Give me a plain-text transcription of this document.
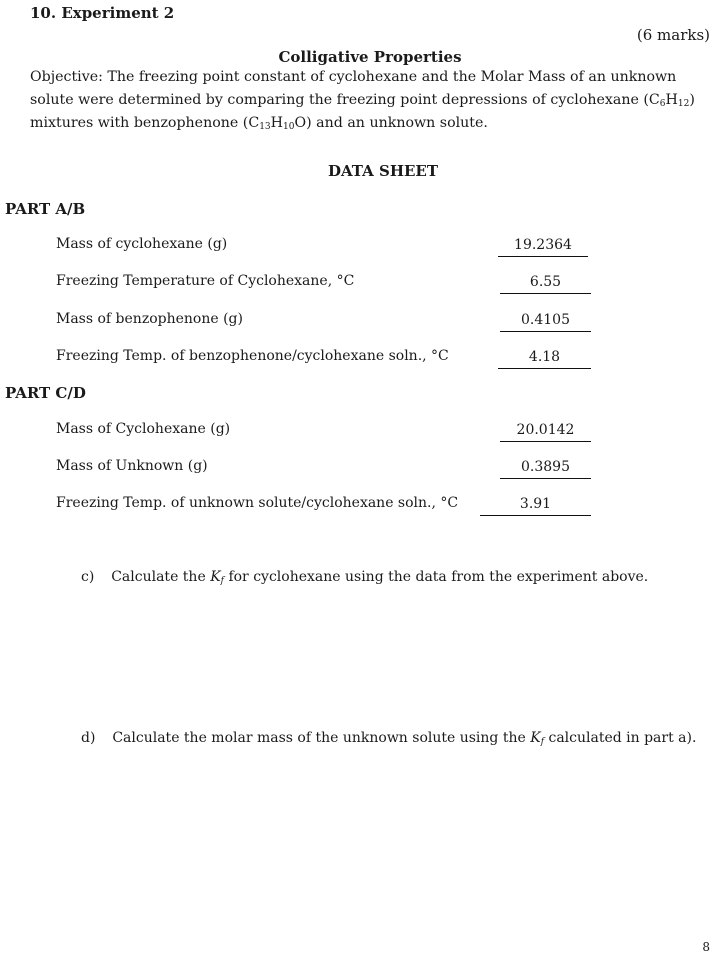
10. Experiment 2
(6 marks)
Colligative Properties

Objective: The freezing point constant of cyclohexane and the Molar Mass of an unknown

solute were determined by comparing the freezing point depressions of cyclohexane $(C_6H_{12})$

mixtures with benzophenone $(C_{13}H_{10}O)$ and an unknown solute.

DATA SHEET
PART A/B
Mass of cyclohexane (g)	19.2364
Freezing Temperature of Cyclohexane, °C	6.55
Mass of benzophenone (g)	0.4105
Freezing Temp. of benzophenone/cyclohexane soln., °C	4.18
PART C/D
Mass of Cyclohexane (g)	20.0142
Mass of Unknown (g)	0.3895
Freezing Temp. of unknown solute/cyclohexane soln., °C	3.91
c) Calculate the $K_f$ for cyclohexane using the data from the experiment above.
d) Calculate the molar mass of the unknown solute using the $K_f$ calculated in part a).
8
